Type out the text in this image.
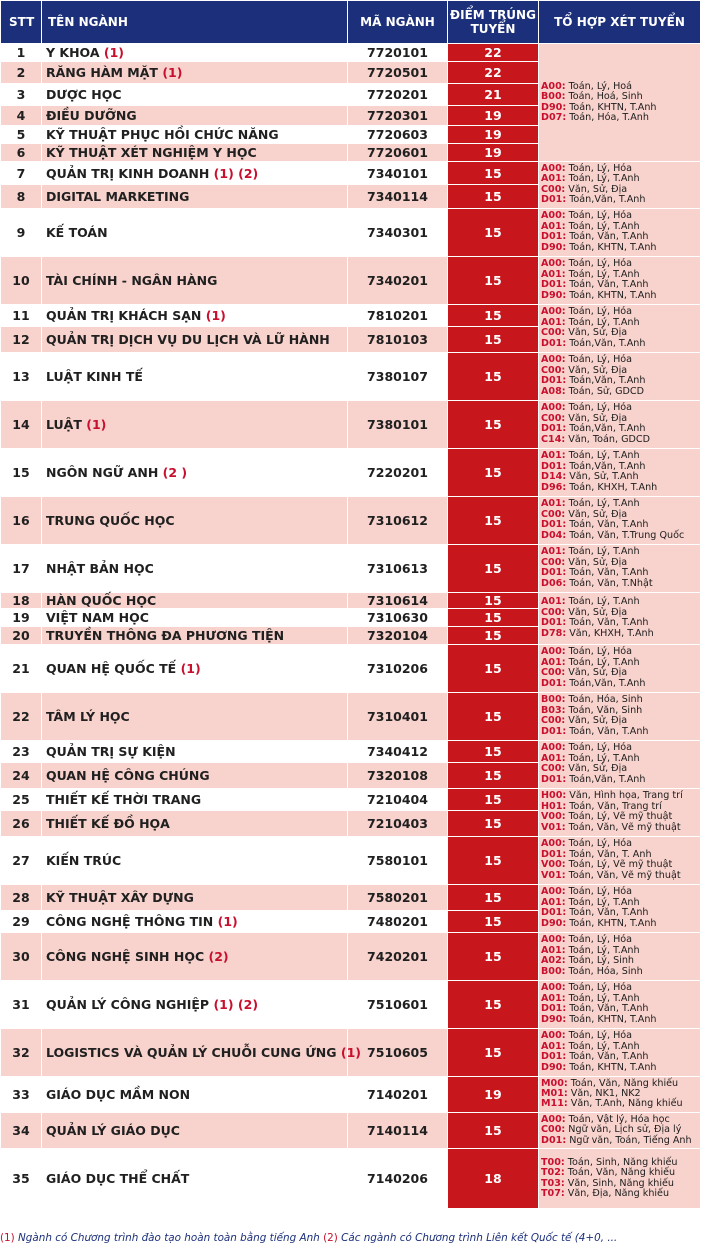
STT	TÊN NGÀNH	MÃ NGÀNH	ĐIỂM TRÚNG TUYỂN	TỔ HỢP XÉT TUYỂN
1	Y KHOA (1)	7720101	22	A00: Toán, Lý, Hoá
B00: Toán, Hoá, Sinh
D90: Toán, KHTN, T.Anh
D07: Toán, Hóa, T.Anh

2	RĂNG HÀM MẶT (1)	7720501	22	
3	DƯỢC HỌC	7720201	21	
4	ĐIỀU DƯỠNG	7720301	19	
5	KỸ THUẬT PHỤC HỒI CHỨC NĂNG	7720603	19	
6	KỸ THUẬT XÉT NGHIỆM Y HỌC	7720601	19	
7	QUẢN TRỊ KINH DOANH (1) (2)	7340101	15	A00: Toán, Lý, Hóa
A01: Toán, Lý, T.Anh
C00: Văn, Sử, Địa
D01: Toán,Văn, T.Anh

8	DIGITAL MARKETING	7340114	15	
9	KẾ TOÁN	7340301	15	A00: Toán, Lý, Hóa
A01: Toán, Lý, T.Anh
D01: Toán, Văn, T.Anh
D90: Toán, KHTN, T.Anh

10	TÀI CHÍNH - NGÂN HÀNG	7340201	15	A00: Toán, Lý, Hóa
A01: Toán, Lý, T.Anh
D01: Toán, Văn, T.Anh
D90: Toán, KHTN, T.Anh

11	QUẢN TRỊ KHÁCH SẠN (1)	7810201	15	A00: Toán, Lý, Hóa
A01: Toán, Lý, T.Anh
C00: Văn, Sử, Địa
D01: Toán,Văn, T.Anh

12	QUẢN TRỊ DỊCH VỤ DU LỊCH VÀ LỮ HÀNH	7810103	15	
13	LUẬT KINH TẾ	7380107	15	A00: Toán, Lý, Hóa
C00: Văn, Sử, Địa
D01: Toán,Văn, T.Anh
A08: Toán, Sử, GDCD

14	LUẬT (1)	7380101	15	A00: Toán, Lý, Hóa
C00: Văn, Sử, Địa
D01: Toán,Văn, T.Anh
C14: Văn, Toán, GDCD

15	NGÔN NGỮ ANH (2 )	7220201	15	A01: Toán, Lý, T.Anh
D01: Toán,Văn, T.Anh
D14: Văn, Sử, T.Anh
D96: Toán, KHXH, T.Anh

16	TRUNG QUỐC HỌC	7310612	15	A01: Toán, Lý, T.Anh
C00: Văn, Sử, Địa
D01: Toán, Văn, T.Anh
D04: Toán, Văn, T.Trung Quốc

17	NHẬT BẢN HỌC	7310613	15	A01: Toán, Lý, T.Anh
C00: Văn, Sử, Địa
D01: Toán, Văn, T.Anh
D06: Toán, Văn, T.Nhật

18	HÀN QUỐC HỌC	7310614	15	A01: Toán, Lý, T.Anh
C00: Văn, Sử, Địa
D01: Toán, Văn, T.Anh
D78: Văn, KHXH, T.Anh

19	VIỆT NAM HỌC	7310630	15	
20	TRUYỀN THÔNG ĐA PHƯƠNG TIỆN	7320104	15	
21	QUAN HỆ QUỐC TẾ (1)	7310206	15	A00: Toán, Lý, Hóa
A01: Toán, Lý, T.Anh
C00: Văn, Sử, Địa
D01: Toán,Văn, T.Anh

22	TÂM LÝ HỌC	7310401	15	B00: Toán, Hóa, Sinh
B03: Toán, Văn, Sinh
C00: Văn, Sử, Địa
D01: Toán, Văn, T.Anh

23	QUẢN TRỊ SỰ KIỆN	7340412	15	A00: Toán, Lý, Hóa
A01: Toán, Lý, T.Anh
C00: Văn, Sử, Địa
D01: Toán,Văn, T.Anh

24	QUAN HỆ CÔNG CHÚNG	7320108	15	
25	THIẾT KẾ THỜI TRANG	7210404	15	H00: Văn, Hình họa, Trang trí
H01: Toán, Văn, Trang trí
V00: Toán, Lý, Vẽ mỹ thuật
V01: Toán, Văn, Vẽ mỹ thuật

26	THIẾT KẾ ĐỒ HỌA	7210403	15	
27	KIẾN TRÚC	7580101	15	A00: Toán, Lý, Hóa
D01: Toán, Văn, T. Anh
V00: Toán, Lý, Vẽ mỹ thuật
V01: Toán, Văn, Vẽ mỹ thuật

28	KỸ THUẬT XÂY DỰNG	7580201	15	A00: Toán, Lý, Hóa
A01: Toán, Lý, T.Anh
D01: Toán, Văn, T.Anh
D90: Toán, KHTN, T.Anh

29	CÔNG NGHỆ THÔNG TIN (1)	7480201	15	
30	CÔNG NGHỆ SINH HỌC (2)	7420201	15	A00: Toán, Lý, Hóa
A01: Toán, Lý, T.Anh
A02: Toán, Lý, Sinh
B00: Toán, Hóa, Sinh

31	QUẢN LÝ CÔNG NGHIỆP (1) (2)	7510601	15	A00: Toán, Lý, Hóa
A01: Toán, Lý, T.Anh
D01: Toán, Văn, T.Anh
D90: Toán, KHTN, T.Anh

32	LOGISTICS VÀ QUẢN LÝ CHUỖI CUNG ỨNG (1)	7510605	15	A00: Toán, Lý, Hóa
A01: Toán, Lý, T.Anh
D01: Toán, Văn, T.Anh
D90: Toán, KHTN, T.Anh

33	GIÁO DỤC MẦM NON	7140201	19	M00: Toán, Văn, Năng khiếu
M01: Văn, NK1, NK2
M11: Văn, T.Anh, Năng khiếu

34	QUẢN LÝ GIÁO DỤC	7140114	15	A00: Toán, Vật lý, Hóa học
C00: Ngữ văn, Lịch sử, Địa lý
D01: Ngữ văn, Toán, Tiếng Anh

35	GIÁO DỤC THỂ CHẤT	7140206	18	T00: Toán, Sinh, Năng khiếu
T02: Toán, Văn, Năng khiếu
T03: Văn, Sinh, Năng khiếu
T07: Văn, Địa, Năng khiếu
(1) Ngành có Chương trình đào tạo hoàn toàn bằng tiếng Anh (2) Các ngành có Chương trình Liên kết Quốc tế (4+0, ...
